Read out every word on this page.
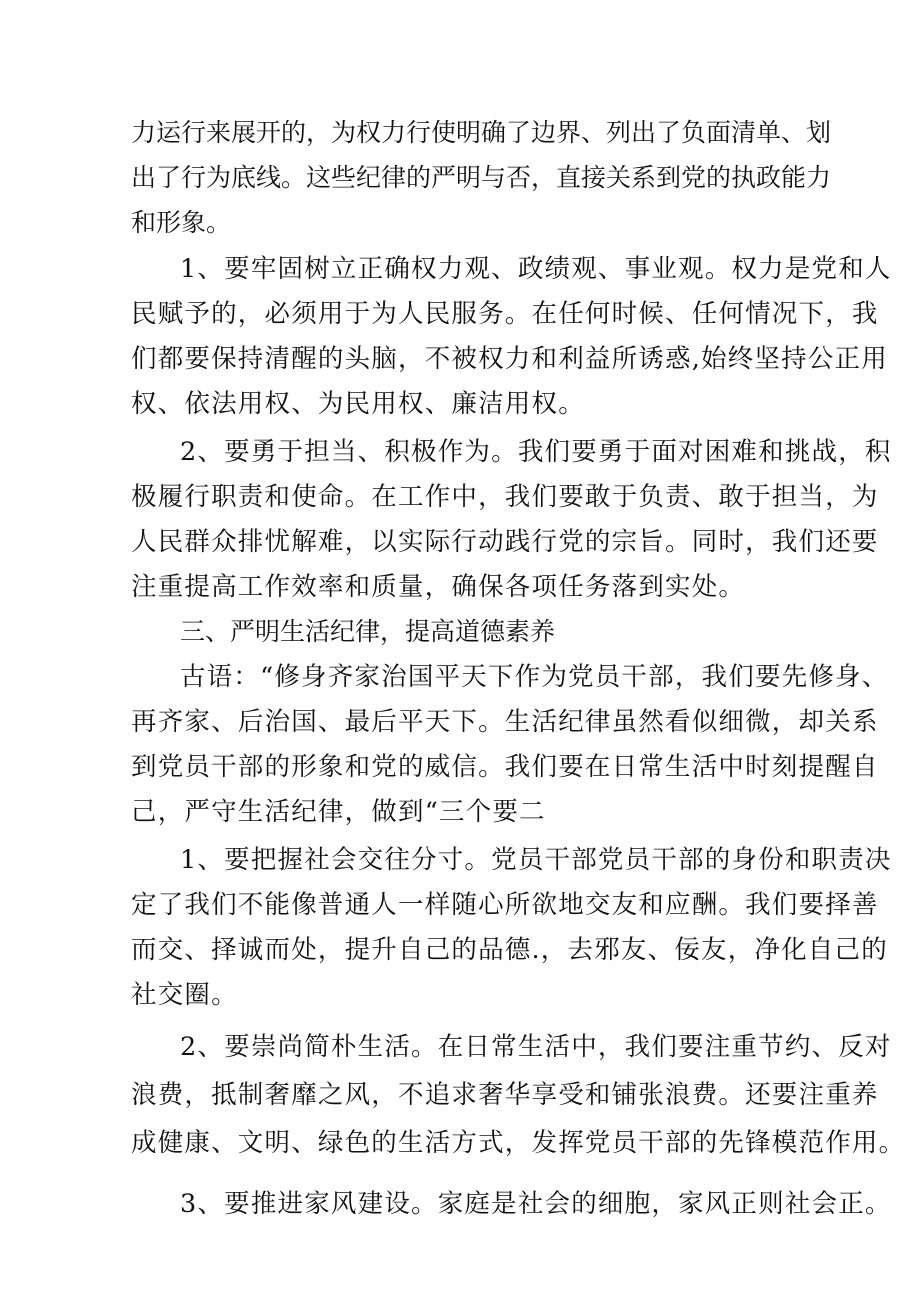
力运行来展开的，为权力行使明确了边界、列出了负面清单、划
出了行为底线。这些纪律的严明与否，直接关系到党的执政能力
和形象。
1、要牢固树立正确权力观、政绩观、事业观。权力是党和人
民赋予的，必须用于为人民服务。在任何时候、任何情况下，我
们都要保持清醒的头脑，不被权力和利益所诱惑,始终坚持公正用
权、依法用权、为民用权、廉洁用权。
2、要勇于担当、积极作为。我们要勇于面对困难和挑战，积
极履行职责和使命。在工作中，我们要敢于负责、敢于担当，为
人民群众排忧解难，以实际行动践行党的宗旨。同时，我们还要
注重提高工作效率和质量，确保各项任务落到实处。
三、严明生活纪律，提高道德素养
古语：“修身齐家治国平天下作为党员干部，我们要先修身、
再齐家、后治国、最后平天下。生活纪律虽然看似细微，却关系
到党员干部的形象和党的威信。我们要在日常生活中时刻提醒自
己，严守生活纪律，做到“三个要二
1、要把握社会交往分寸。党员干部党员干部的身份和职责决
定了我们不能像普通人一样随心所欲地交友和应酬。我们要择善
而交、择诚而处，提升自己的品德.，去邪友、佞友，净化自己的
社交圈。
2、要崇尚简朴生活。在日常生活中，我们要注重节约、反对
浪费，抵制奢靡之风，不追求奢华享受和铺张浪费。还要注重养
成健康、文明、绿色的生活方式，发挥党员干部的先锋模范作用。
3、要推进家风建设。家庭是社会的细胞，家风正则社会正。
